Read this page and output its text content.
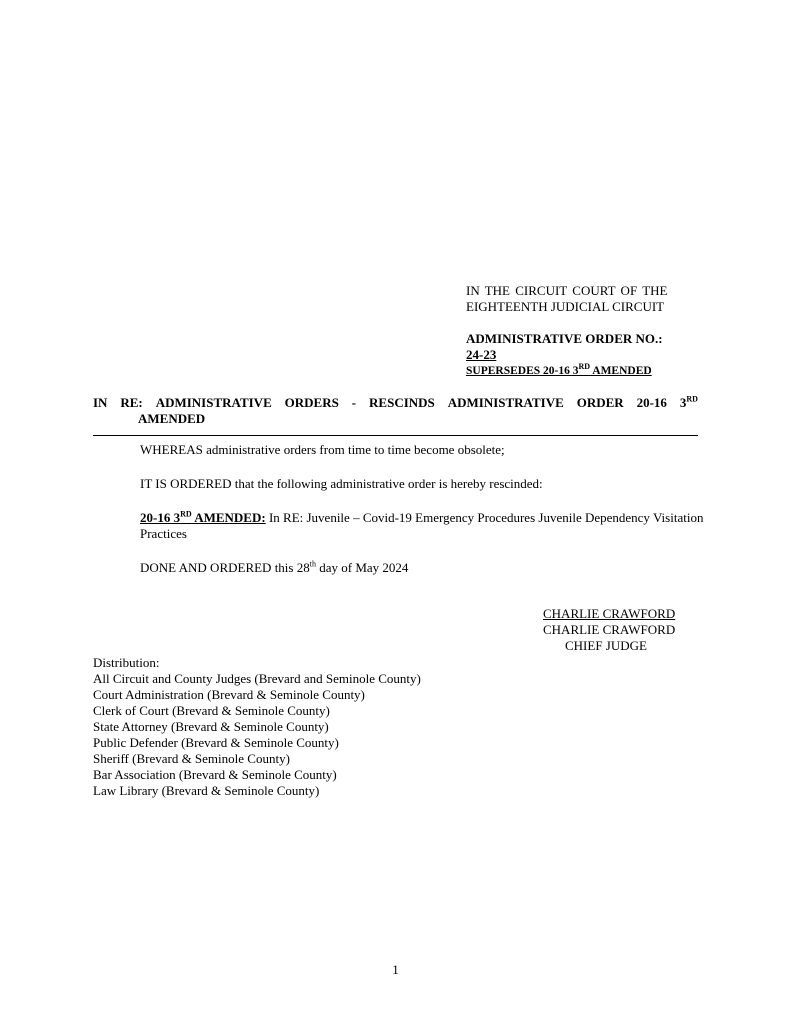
IN THE CIRCUIT COURT OF THE
EIGHTEENTH JUDICIAL CIRCUIT
ADMINISTRATIVE ORDER NO.:
24-23
SUPERSEDES 20-16 3RD AMENDED
IN RE: ADMINISTRATIVE ORDERS - RESCINDS ADMINISTRATIVE ORDER 20-16 3RD
AMENDED
WHEREAS administrative orders from time to time become obsolete;
IT IS ORDERED that the following administrative order is hereby rescinded:
20-16 3RD AMENDED: In RE: Juvenile – Covid-19 Emergency Procedures Juvenile Dependency Visitation Practices
DONE AND ORDERED this 28th day of May 2024
CHARLIE CRAWFORD
CHARLIE CRAWFORD
CHIEF JUDGE
Distribution:
All Circuit and County Judges (Brevard and Seminole County)
Court Administration (Brevard & Seminole County)
Clerk of Court (Brevard & Seminole County)
State Attorney (Brevard & Seminole County)
Public Defender (Brevard & Seminole County)
Sheriff (Brevard & Seminole County)
Bar Association (Brevard & Seminole County)
Law Library (Brevard & Seminole County)
1
